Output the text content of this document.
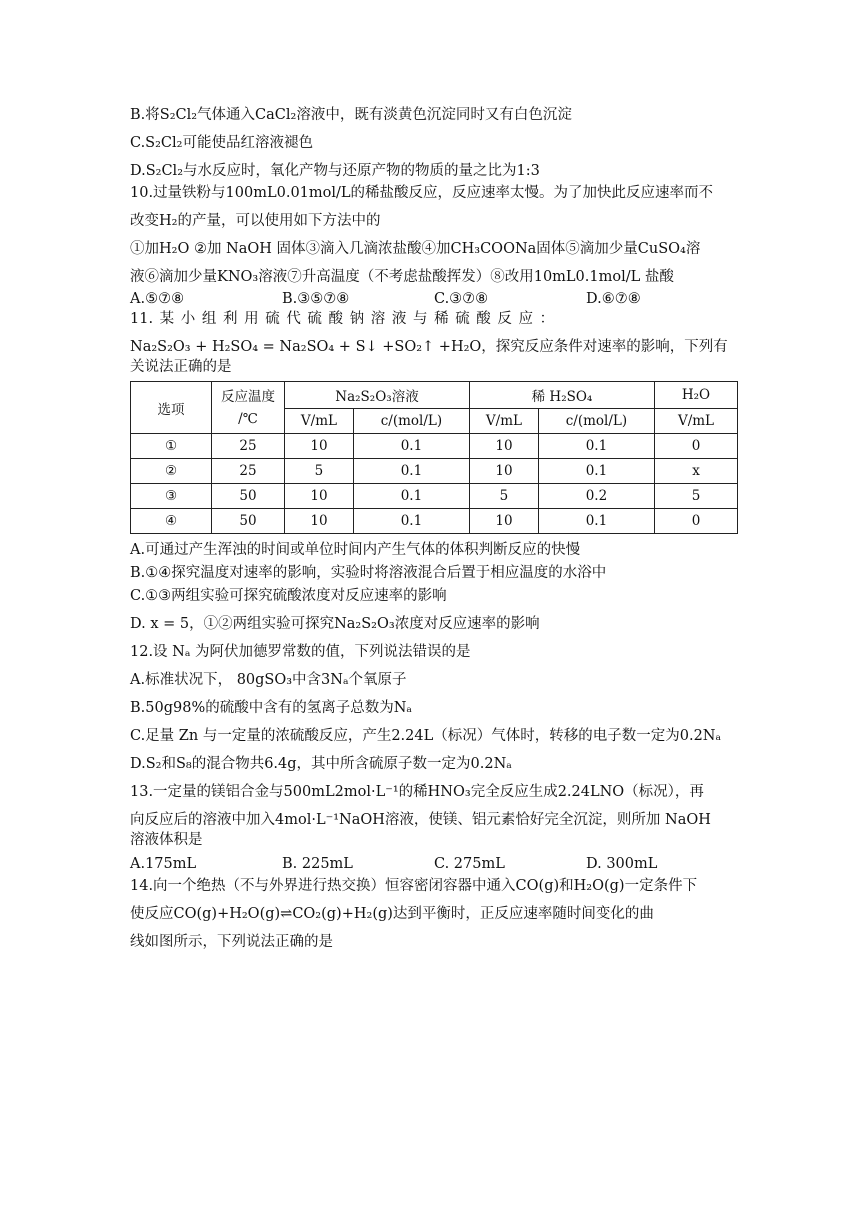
B.将S₂Cl₂气体通入CaCl₂溶液中，既有淡黄色沉淀同时又有白色沉淀

C.S₂Cl₂可能使品红溶液褪色

D.S₂Cl₂与水反应时，氧化产物与还原产物的物质的量之比为1:3

10.过量铁粉与100mL0.01mol/L的稀盐酸反应，反应速率太慢。为了加快此反应速率而不

改变H₂的产量，可以使用如下方法中的

①加H₂O ②加 NaOH 固体③滴入几滴浓盐酸④加CH₃COONa固体⑤滴加少量CuSO₄溶

液⑥滴加少量KNO₃溶液⑦升高温度（不考虑盐酸挥发）⑧改用10mL0.1mol/L 盐酸

A.⑤⑦⑧	B.③⑤⑦⑧	C.③⑦⑧	D.⑥⑦⑧

11. 某 小 组 利 用 硫 代 硫 酸 钠 溶 液 与 稀 硫 酸 反 应 ：

Na₂S₂O₃ + H₂SO₄ = Na₂SO₄ + S↓ +SO₂↑ +H₂O，探究反应条件对速率的影响，下列有

关说法正确的是

选项	反应温度
/℃	Na₂S₂O₃溶液		稀 H₂SO₄		H₂O
		V/mL	c/(mol/L)	V/mL	c/(mol/L)	V/mL
①	25	10	0.1	10	0.1	0
②	25	5	0.1	10	0.1	x
③	50	10	0.1	5	0.2	5
④	50	10	0.1	10	0.1	0

A.可通过产生浑浊的时间或单位时间内产生气体的体积判断反应的快慢

B.①④探究温度对速率的影响，实验时将溶液混合后置于相应温度的水浴中

C.①③两组实验可探究硫酸浓度对反应速率的影响

D. x = 5，①②两组实验可探究Na₂S₂O₃浓度对反应速率的影响

12.设 Nₐ 为阿伏加德罗常数的值，下列说法错误的是

A.标准状况下， 80gSO₃中含3Nₐ个氧原子

B.50g98%的硫酸中含有的氢离子总数为Nₐ

C.足量 Zn 与一定量的浓硫酸反应，产生2.24L（标况）气体时，转移的电子数一定为0.2Nₐ

D.S₂和S₈的混合物共6.4g，其中所含硫原子数一定为0.2Nₐ

13.一定量的镁铝合金与500mL2mol·L⁻¹的稀HNO₃完全反应生成2.24LNO（标况），再

向反应后的溶液中加入4mol·L⁻¹NaOH溶液，使镁、铝元素恰好完全沉淀，则所加 NaOH

溶液体积是

A.175mL	B. 225mL	C. 275mL	D. 300mL

14.向一个绝热（不与外界进行热交换）恒容密闭容器中通入CO(g)和H₂O(g)一定条件下

使反应CO(g)+H₂O(g)⇌CO₂(g)+H₂(g)达到平衡时，正反应速率随时间变化的曲

线如图所示，下列说法正确的是
